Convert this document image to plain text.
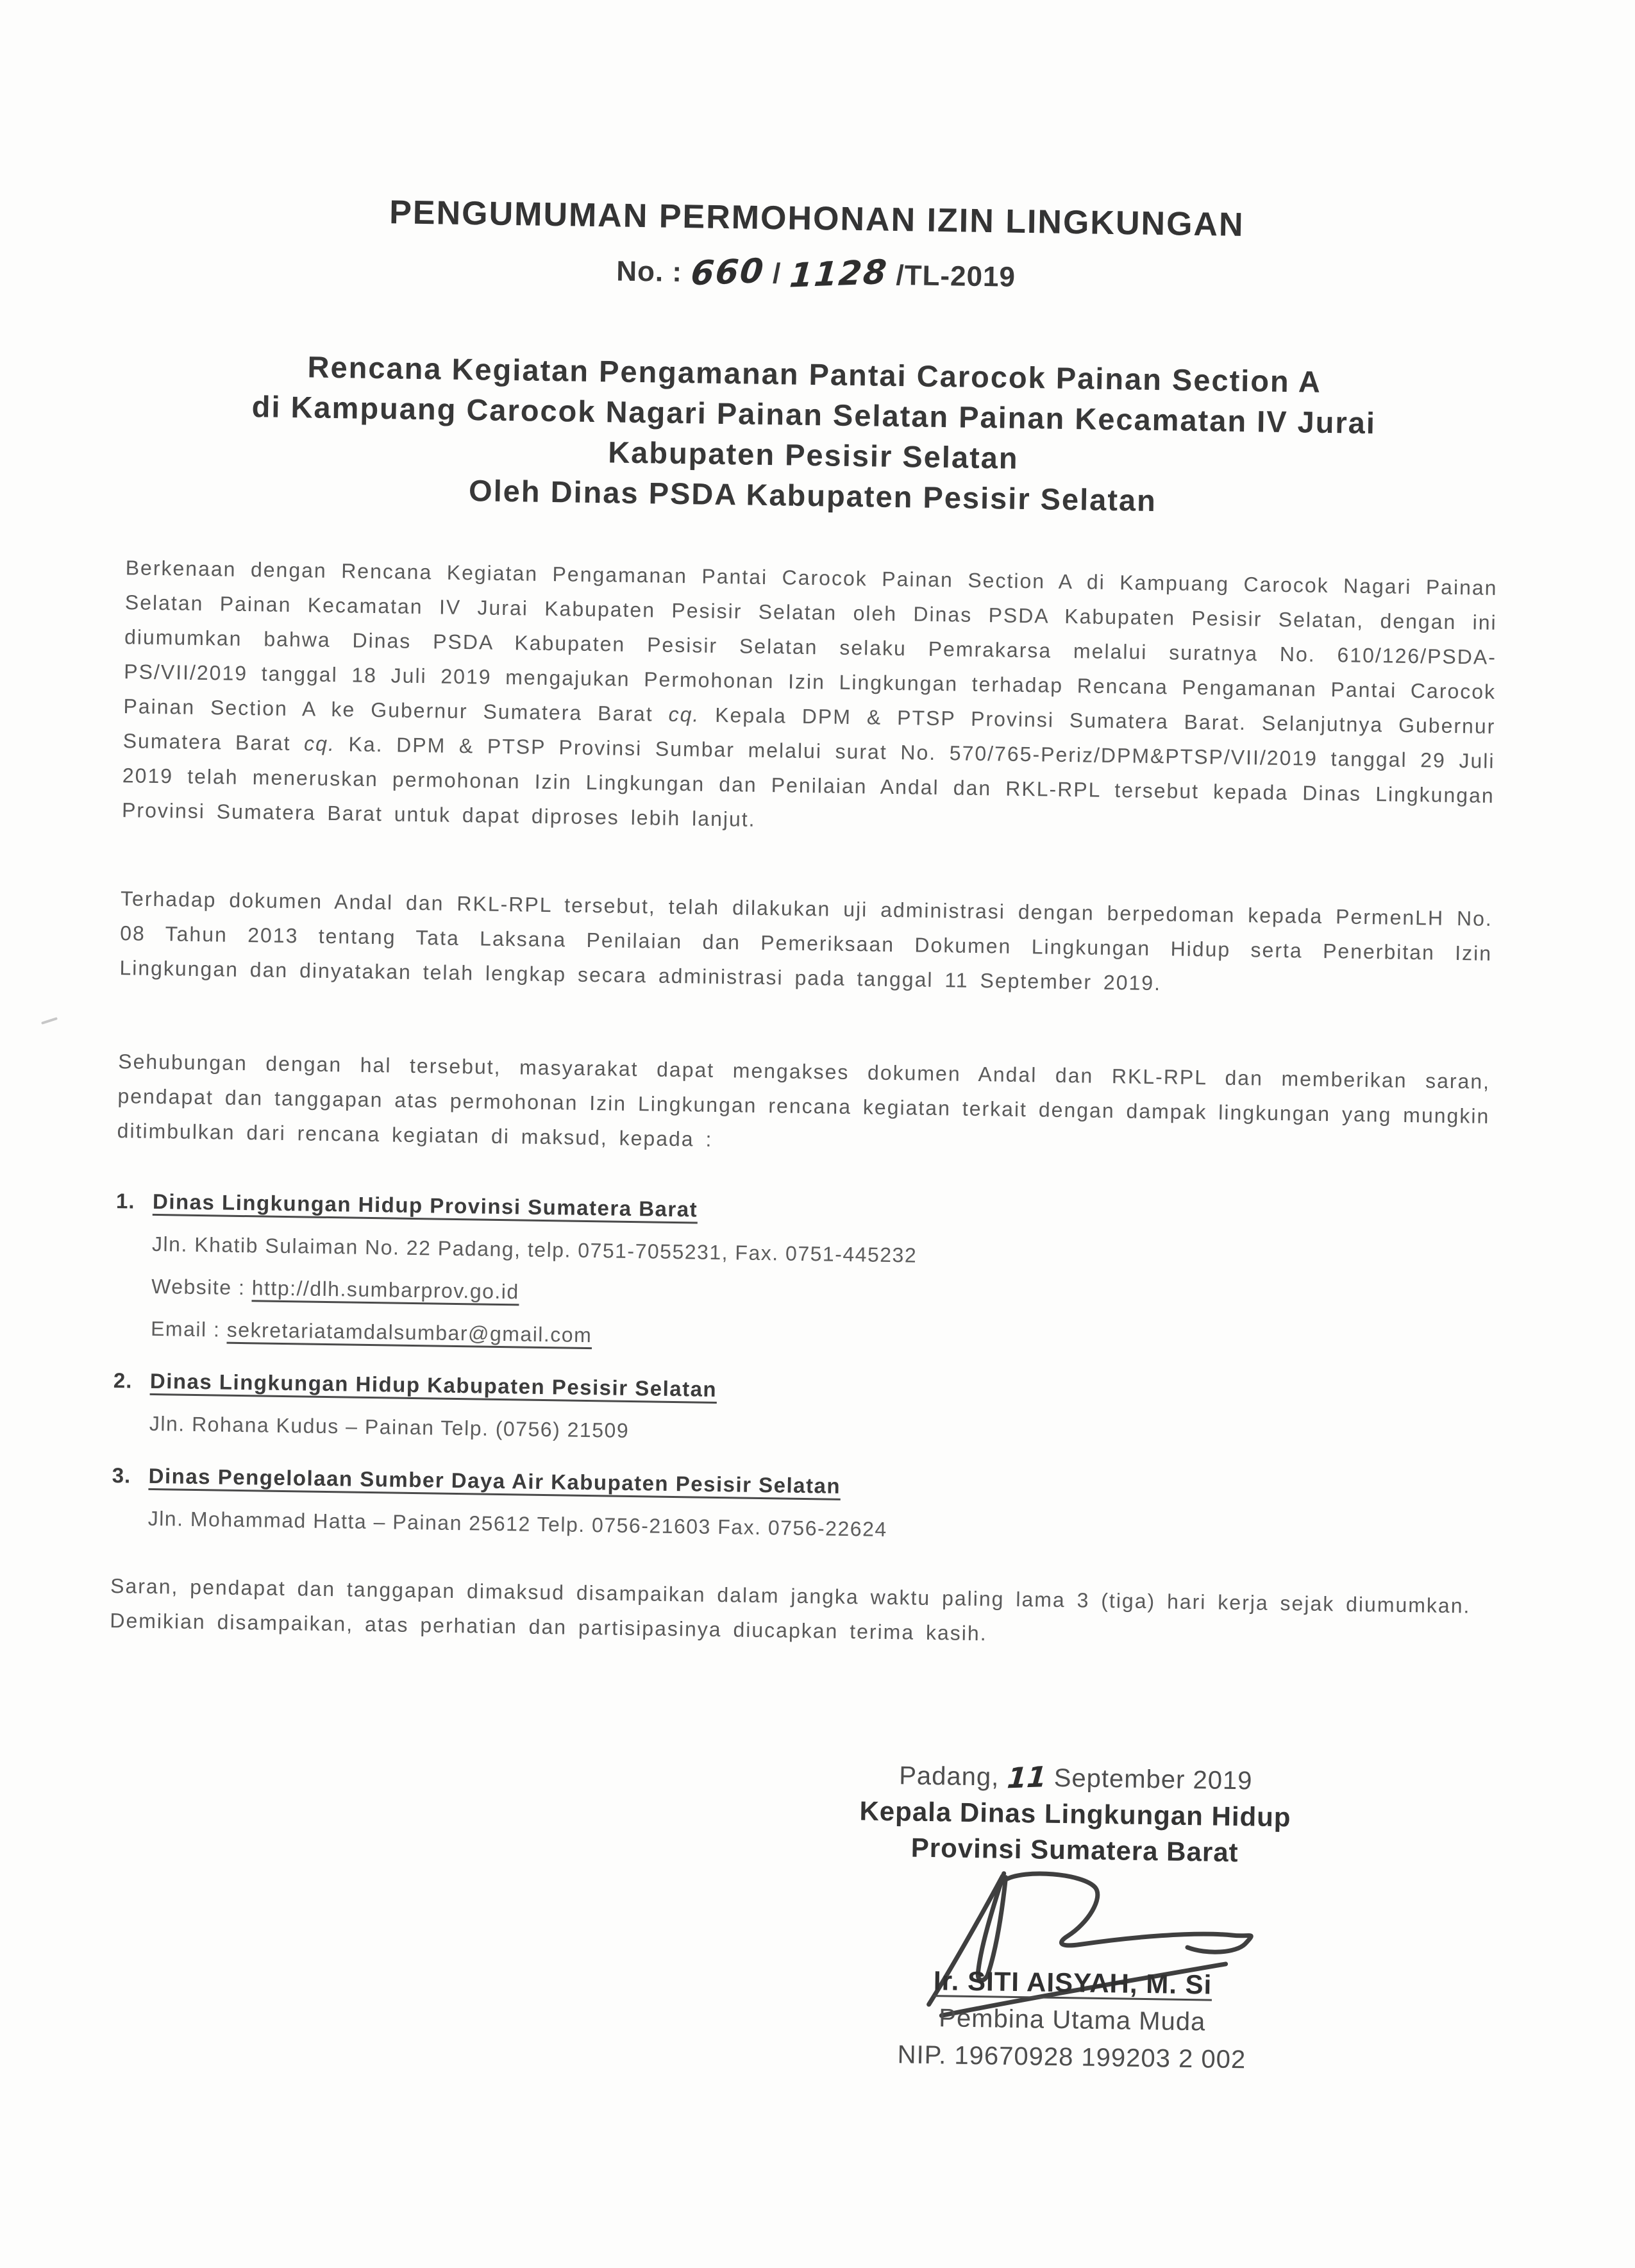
PENGUMUMAN PERMOHONAN IZIN LINGKUNGAN
No. : 660 / 1128 /TL-2019
Rencana Kegiatan Pengamanan Pantai Carocok Painan Section A
di Kampuang Carocok Nagari Painan Selatan Painan Kecamatan IV Jurai
Kabupaten Pesisir Selatan
Oleh Dinas PSDA Kabupaten Pesisir Selatan

Berkenaan dengan Rencana Kegiatan Pengamanan Pantai Carocok Painan Section A di Kampuang Carocok Nagari Painan Selatan Painan Kecamatan IV Jurai Kabupaten Pesisir Selatan oleh Dinas PSDA Kabupaten Pesisir Selatan, dengan ini diumumkan bahwa Dinas PSDA Kabupaten Pesisir Selatan selaku Pemrakarsa melalui suratnya No. 610/126/PSDA-PS/VII/2019 tanggal 18 Juli 2019 mengajukan Permohonan Izin Lingkungan terhadap Rencana Pengamanan Pantai Carocok Painan Section A ke Gubernur Sumatera Barat cq. Kepala DPM & PTSP Provinsi Sumatera Barat. Selanjutnya Gubernur Sumatera Barat cq. Ka. DPM & PTSP Provinsi Sumbar melalui surat No. 570/765-Periz/DPM&PTSP/VII/2019 tanggal 29 Juli 2019 telah meneruskan permohonan Izin Lingkungan dan Penilaian Andal dan RKL-RPL tersebut kepada Dinas Lingkungan Provinsi Sumatera Barat untuk dapat diproses lebih lanjut.

Terhadap dokumen Andal dan RKL-RPL tersebut, telah dilakukan uji administrasi dengan berpedoman kepada PermenLH No. 08 Tahun 2013 tentang Tata Laksana Penilaian dan Pemeriksaan Dokumen Lingkungan Hidup serta Penerbitan Izin Lingkungan dan dinyatakan telah lengkap secara administrasi pada tanggal 11 September 2019.

Sehubungan dengan hal tersebut, masyarakat dapat mengakses dokumen Andal dan RKL-RPL dan memberikan saran, pendapat dan tanggapan atas permohonan Izin Lingkungan rencana kegiatan terkait dengan dampak lingkungan yang mungkin ditimbulkan dari rencana kegiatan di maksud, kepada :

1. Dinas Lingkungan Hidup Provinsi Sumatera Barat
Jln. Khatib Sulaiman No. 22 Padang, telp. 0751-7055231, Fax. 0751-445232
Website : http://dlh.sumbarprov.go.id
Email : sekretariatamdalsumbar@gmail.com
2. Dinas Lingkungan Hidup Kabupaten Pesisir Selatan
Jln. Rohana Kudus – Painan Telp. (0756) 21509
3. Dinas Pengelolaan Sumber Daya Air Kabupaten Pesisir Selatan
Jln. Mohammad Hatta – Painan 25612 Telp. 0756-21603 Fax. 0756-22624

Saran, pendapat dan tanggapan dimaksud disampaikan dalam jangka waktu paling lama 3 (tiga) hari kerja sejak diumumkan.

Demikian disampaikan, atas perhatian dan partisipasinya diucapkan terima kasih.

Padang, 11 September 2019
Kepala Dinas Lingkungan Hidup
Provinsi Sumatera Barat
Ir. SITI AISYAH, M. Si
Pembina Utama Muda
NIP. 19670928 199203 2 002
